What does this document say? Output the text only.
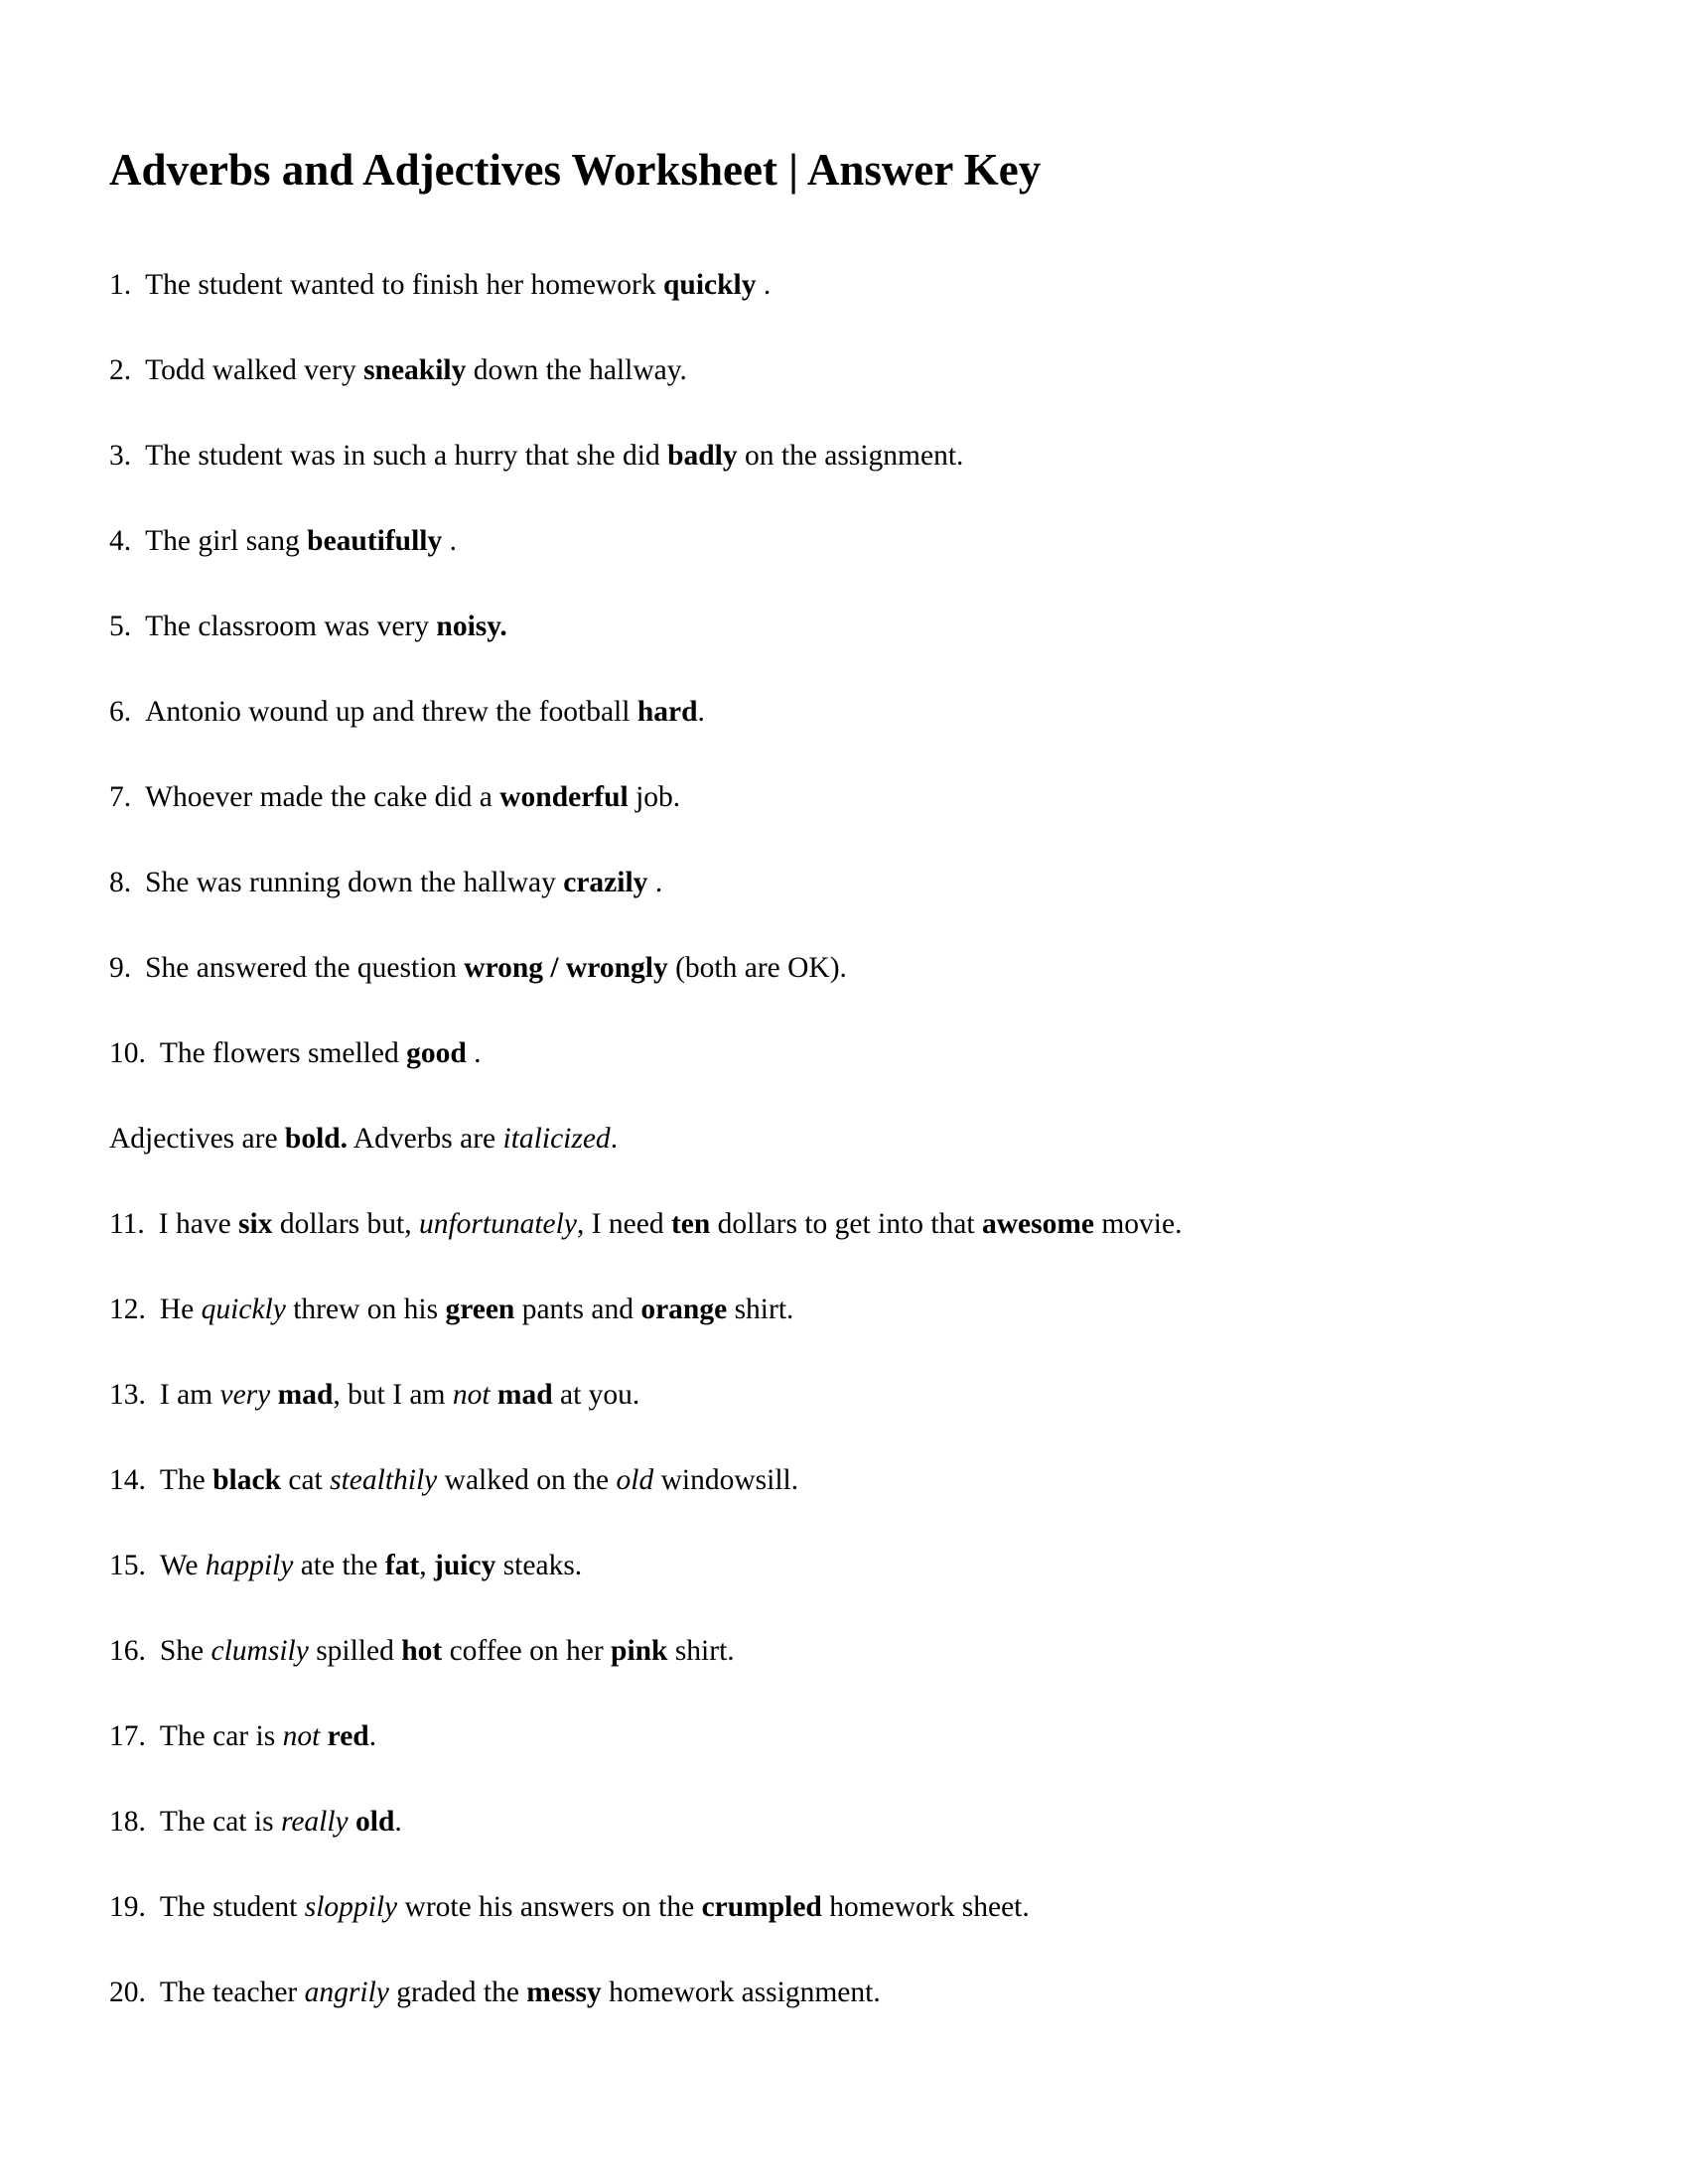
Adverbs and Adjectives Worksheet | Answer Key
1. The student wanted to finish her homework quickly .
2. Todd walked very sneakily down the hallway.
3. The student was in such a hurry that she did badly on the assignment.
4. The girl sang beautifully .
5. The classroom was very noisy.
6. Antonio wound up and threw the football hard.
7. Whoever made the cake did a wonderful job.
8. She was running down the hallway crazily .
9. She answered the question wrong / wrongly (both are OK).
10. The flowers smelled good .
Adjectives are bold. Adverbs are italicized.
11. I have six dollars but, unfortunately, I need ten dollars to get into that awesome movie.
12. He quickly threw on his green pants and orange shirt.
13. I am very mad, but I am not mad at you.
14. The black cat stealthily walked on the old windowsill.
15. We happily ate the fat, juicy steaks.
16. She clumsily spilled hot coffee on her pink shirt.
17. The car is not red.
18. The cat is really old.
19. The student sloppily wrote his answers on the crumpled homework sheet.
20. The teacher angrily graded the messy homework assignment.
